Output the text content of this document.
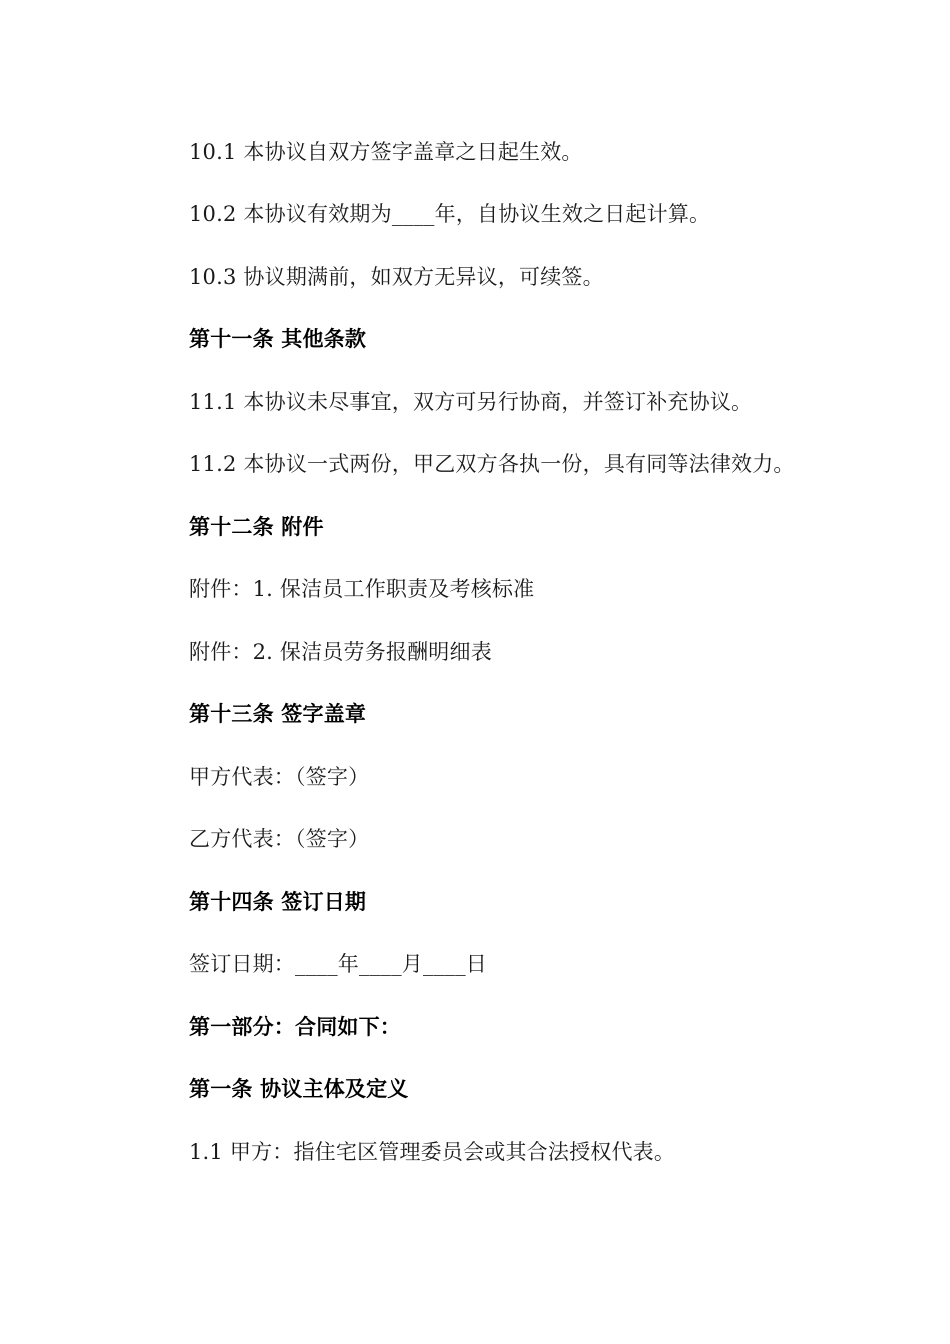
10.1 本协议自双方签字盖章之日起生效。
10.2 本协议有效期为____年，自协议生效之日起计算。
10.3 协议期满前，如双方无异议，可续签。
第十一条 其他条款
11.1 本协议未尽事宜，双方可另行协商，并签订补充协议。
11.2 本协议一式两份，甲乙双方各执一份，具有同等法律效力。
第十二条 附件
附件：1. 保洁员工作职责及考核标准
附件：2. 保洁员劳务报酬明细表
第十三条 签字盖章
甲方代表：（签字）
乙方代表：（签字）
第十四条 签订日期
签订日期：____年____月____日
第一部分：合同如下：
第一条 协议主体及定义
1.1 甲方：指住宅区管理委员会或其合法授权代表。
